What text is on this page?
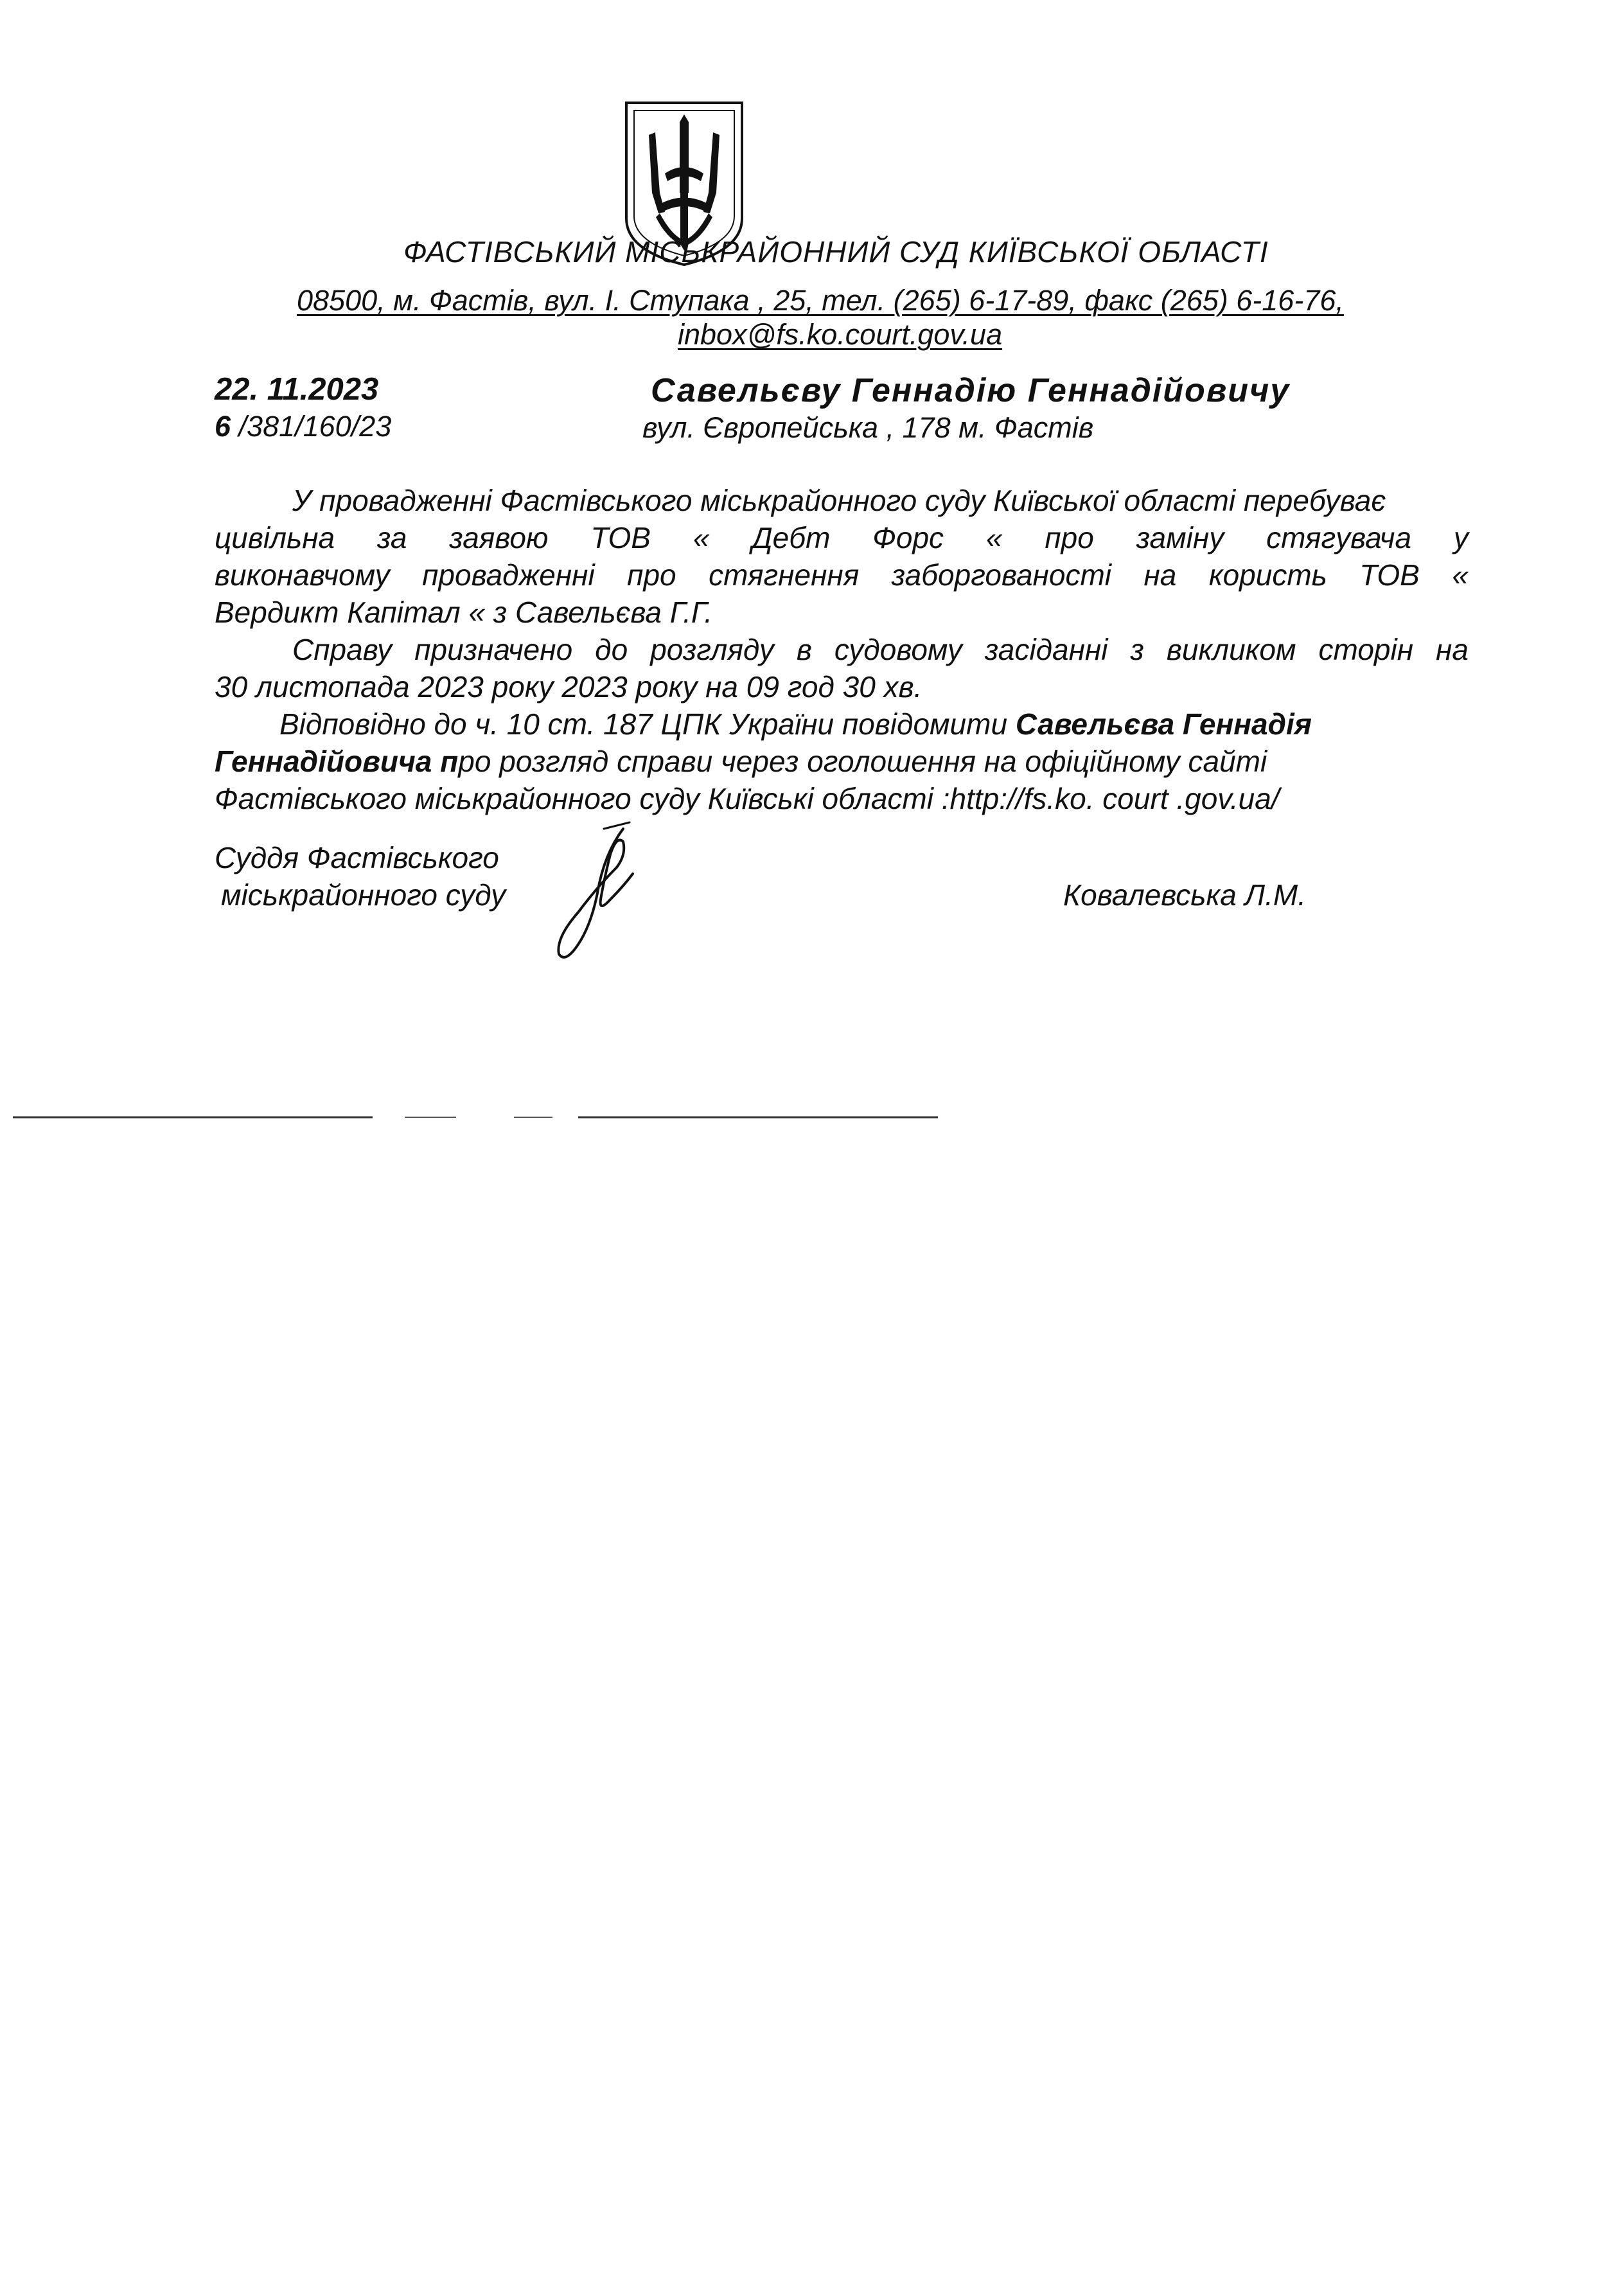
ФАСТІВСЬКИЙ МІСЬКРАЙОННИЙ СУД КИЇВСЬКОЇ ОБЛАСТІ
08500, м. Фастів, вул. І. Ступака , 25, тел. (265) 6-17-89, факс (265) 6-16-76,
inbox@fs.ko.court.gov.ua
22. 11.2023
6 /381/160/23
Савельєву Геннадію Геннадійовичу
вул. Європейська , 178 м. Фастів
У провадженні Фастівського міськрайонного суду Київської області перебуває
цивільна за заявою ТОВ « Дебт Форс « про заміну стягувача у
виконавчому провадженні про стягнення заборгованості на користь ТОВ «
Вердикт Капітал « з Савельєва Г.Г.
Справу призначено до розгляду в судовому засіданні з викликом сторін на
30 листопада 2023 року 2023 року на 09 год 30 хв.
Відповідно до ч. 10 ст. 187 ЦПК України повідомити Савельєва Геннадія
Геннадійовича про розгляд справи через оголошення на офіційному сайті
Фастівського міськрайонного суду Київські області :http://fs.ko. court .gov.ua/
Суддя Фастівського
міськрайонного суду	Ковалевська Л.М.
